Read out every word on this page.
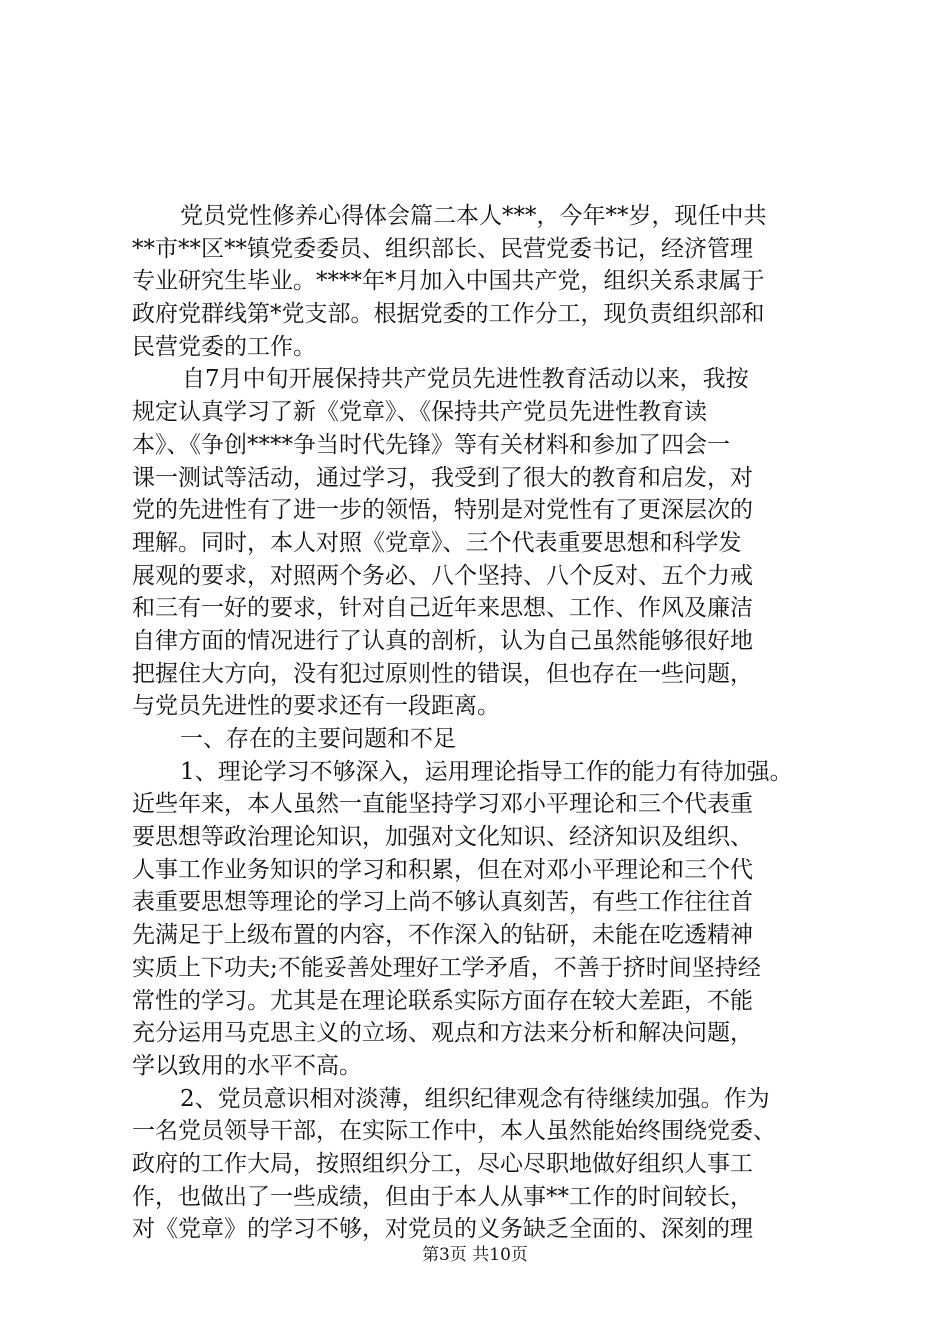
党员党性修养心得体会篇二本人***，今年**岁，现任中共
**市**区**镇党委委员、组织部长、民营党委书记，经济管理
专业研究生毕业。****年*月加入中国共产党，组织关系隶属于
政府党群线第*党支部。根据党委的工作分工，现负责组织部和
民营党委的工作。
自7月中旬开展保持共产党员先进性教育活动以来，我按
规定认真学习了新《党章》、《保持共产党员先进性教育读
本》、《争创****争当时代先锋》等有关材料和参加了四会一
课一测试等活动，通过学习，我受到了很大的教育和启发，对
党的先进性有了进一步的领悟，特别是对党性有了更深层次的
理解。同时，本人对照《党章》、三个代表重要思想和科学发
展观的要求，对照两个务必、八个坚持、八个反对、五个力戒
和三有一好的要求，针对自己近年来思想、工作、作风及廉洁
自律方面的情况进行了认真的剖析，认为自己虽然能够很好地
把握住大方向，没有犯过原则性的错误，但也存在一些问题，
与党员先进性的要求还有一段距离。
一、存在的主要问题和不足
1、理论学习不够深入，运用理论指导工作的能力有待加强。
近些年来，本人虽然一直能坚持学习邓小平理论和三个代表重
要思想等政治理论知识，加强对文化知识、经济知识及组织、
人事工作业务知识的学习和积累，但在对邓小平理论和三个代
表重要思想等理论的学习上尚不够认真刻苦，有些工作往往首
先满足于上级布置的内容，不作深入的钻研，未能在吃透精神
实质上下功夫;不能妥善处理好工学矛盾，不善于挤时间坚持经
常性的学习。尤其是在理论联系实际方面存在较大差距，不能
充分运用马克思主义的立场、观点和方法来分析和解决问题，
学以致用的水平不高。
2、党员意识相对淡薄，组织纪律观念有待继续加强。作为
一名党员领导干部，在实际工作中，本人虽然能始终围绕党委、
政府的工作大局，按照组织分工，尽心尽职地做好组织人事工
作，也做出了一些成绩，但由于本人从事**工作的时间较长，
对《党章》的学习不够，对党员的义务缺乏全面的、深刻的理
第3页 共10页
